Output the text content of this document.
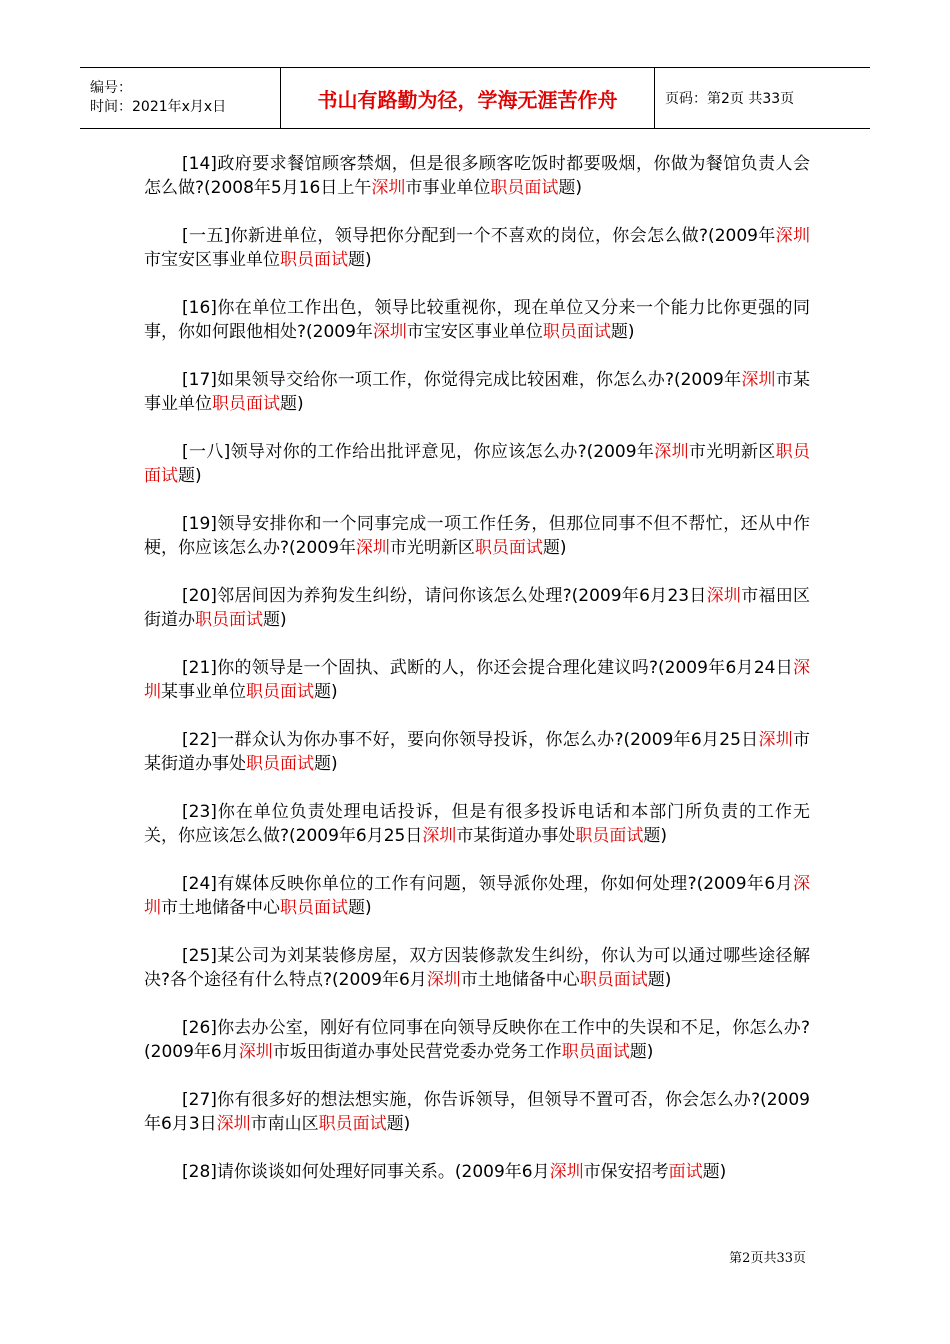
编号：
时间：2021年x月x日	书山有路勤为径，学海无涯苦作舟	页码：第2页 共33页

[14]政府要求餐馆顾客禁烟，但是很多顾客吃饭时都要吸烟，你做为餐馆负责人会怎么做?(2008年5月16日上午深圳市事业单位职员面试题)

[一五]你新进单位，领导把你分配到一个不喜欢的岗位，你会怎么做?(2009年深圳市宝安区事业单位职员面试题)

[16]你在单位工作出色，领导比较重视你，现在单位又分来一个能力比你更强的同事，你如何跟他相处?(2009年深圳市宝安区事业单位职员面试题)

[17]如果领导交给你一项工作，你觉得完成比较困难，你怎么办?(2009年深圳市某事业单位职员面试题)

[一八]领导对你的工作给出批评意见，你应该怎么办?(2009年深圳市光明新区职员面试题)

[19]领导安排你和一个同事完成一项工作任务，但那位同事不但不帮忙，还从中作梗，你应该怎么办?(2009年深圳市光明新区职员面试题)

[20]邻居间因为养狗发生纠纷，请问你该怎么处理?(2009年6月23日深圳市福田区街道办职员面试题)

[21]你的领导是一个固执、武断的人，你还会提合理化建议吗?(2009年6月24日深圳某事业单位职员面试题)

[22]一群众认为你办事不好，要向你领导投诉，你怎么办?(2009年6月25日深圳市某街道办事处职员面试题)

[23]你在单位负责处理电话投诉，但是有很多投诉电话和本部门所负责的工作无关，你应该怎么做?(2009年6月25日深圳市某街道办事处职员面试题)

[24]有媒体反映你单位的工作有问题，领导派你处理，你如何处理?(2009年6月深圳市土地储备中心职员面试题)

[25]某公司为刘某装修房屋，双方因装修款发生纠纷，你认为可以通过哪些途径解决?各个途径有什么特点?(2009年6月深圳市土地储备中心职员面试题)

[26]你去办公室，刚好有位同事在向领导反映你在工作中的失误和不足，你怎么办?(2009年6月深圳市坂田街道办事处民营党委办党务工作职员面试题)

[27]你有很多好的想法想实施，你告诉领导，但领导不置可否，你会怎么办?(2009年6月3日深圳市南山区职员面试题)

[28]请你谈谈如何处理好同事关系。(2009年6月深圳市保安招考面试题)

第2页共33页
